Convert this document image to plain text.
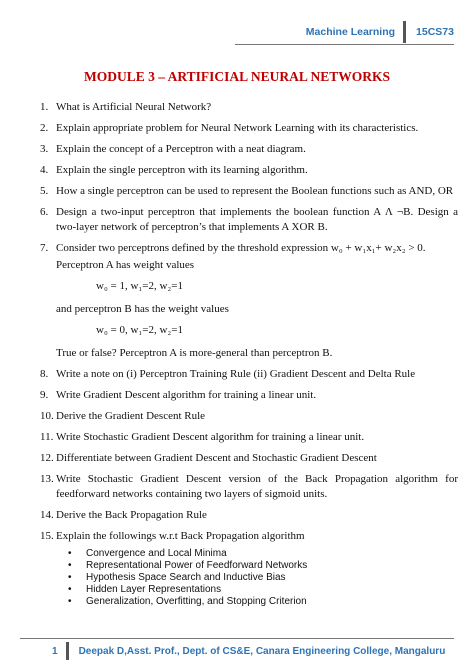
Machine Learning 15CS73
MODULE 3 – ARTIFICIAL NEURAL NETWORKS
1. What is Artificial Neural Network?
2. Explain appropriate problem for Neural Network Learning with its characteristics.
3. Explain the concept of a Perceptron with a neat diagram.
4. Explain the single perceptron with its learning algorithm.
5. How a single perceptron can be used to represent the Boolean functions such as AND, OR
6. Design a two-input perceptron that implements the boolean function A Λ ¬B. Design a two-layer network of perceptron’s that implements A XOR B.
7. Consider two perceptrons defined by the threshold expression w₀ + w₁x₁+ w₂x₂ > 0.
Perceptron A has weight values
w₀ = 1, w₁=2, w₂=1
and perceptron B has the weight values
w₀ = 0, w₁=2, w₂=1
True or false? Perceptron A is more-general than perceptron B.
8. Write a note on (i) Perceptron Training Rule (ii) Gradient Descent and Delta Rule
9. Write Gradient Descent algorithm for training a linear unit.
10. Derive the Gradient Descent Rule
11. Write Stochastic Gradient Descent algorithm for training a linear unit.
12. Differentiate between Gradient Descent and Stochastic Gradient Descent
13. Write Stochastic Gradient Descent version of the Back Propagation algorithm for feedforward networks containing two layers of sigmoid units.
14. Derive the Back Propagation Rule
15. Explain the followings w.r.t Back Propagation algorithm
• Convergence and Local Minima
• Representational Power of Feedforward Networks
• Hypothesis Space Search and Inductive Bias
• Hidden Layer Representations
• Generalization, Overfitting, and Stopping Criterion
1 Deepak D, Asst. Prof., Dept. of CS&E, Canara Engineering College, Mangaluru
